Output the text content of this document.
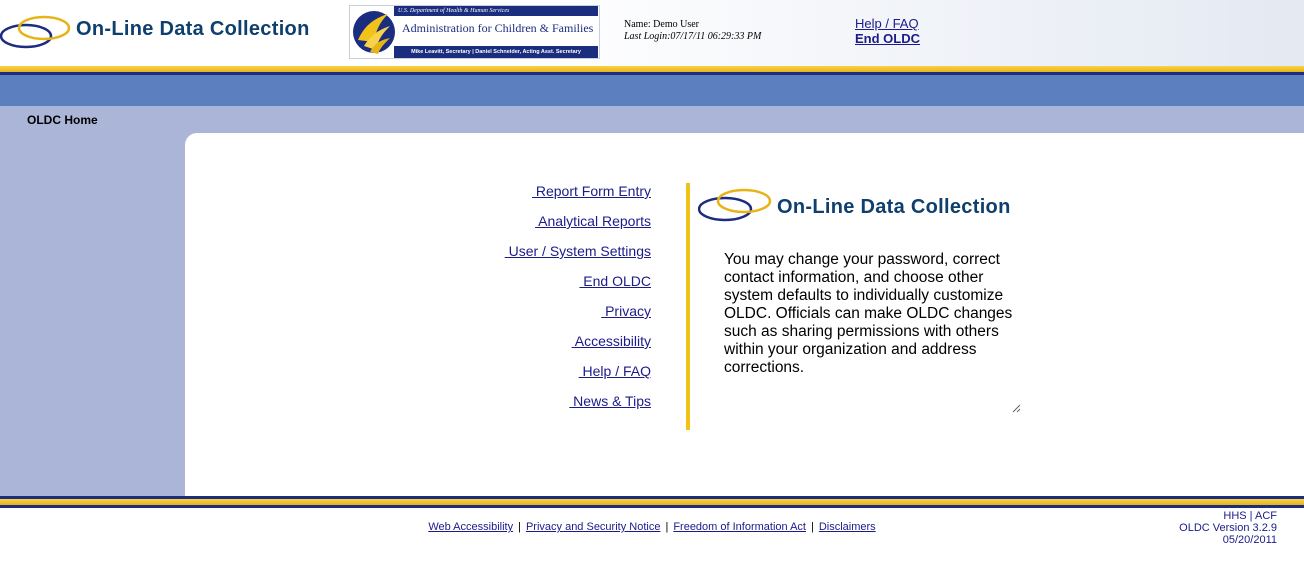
On-Line Data Collection
U.S. Department of Health & Human Services
Administration for Children & Families
Mike Leavitt, Secretary | Daniel Schneider, Acting Asst. Secretary
Name: Demo User
Last Login:07/17/11 06:29:33 PM
Help / FAQ
End OLDC
OLDC Home
Report Form Entry
Analytical Reports
User / System Settings
End OLDC
Privacy
Accessibility
Help / FAQ
News & Tips
On-Line Data Collection
You may change your password, correct contact information, and choose other system defaults to individually customize OLDC. Officials can make OLDC changes such as sharing permissions with others within your organization and address corrections.
Web Accessibility | Privacy and Security Notice | Freedom of Information Act | Disclaimers
HHS | ACF
OLDC Version 3.2.9
05/20/2011
